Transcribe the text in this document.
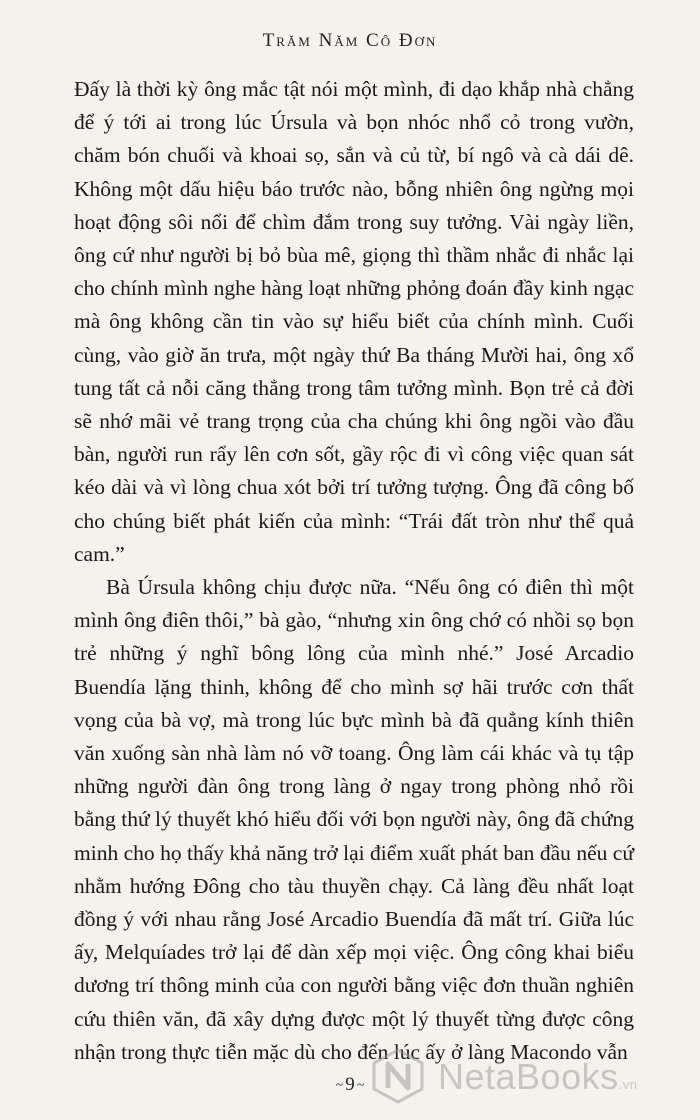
Trăm Năm Cô Đơn

Đấy là thời kỳ ông mắc tật nói một mình, đi dạo khắp nhà chẳng để ý tới ai trong lúc Úrsula và bọn nhóc nhổ cỏ trong vườn, chăm bón chuối và khoai sọ, sắn và củ từ, bí ngô và cà dái dê. Không một dấu hiệu báo trước nào, bỗng nhiên ông ngừng mọi hoạt động sôi nổi để chìm đắm trong suy tưởng. Vài ngày liền, ông cứ như người bị bỏ bùa mê, giọng thì thầm nhắc đi nhắc lại cho chính mình nghe hàng loạt những phỏng đoán đầy kinh ngạc mà ông không cần tin vào sự hiểu biết của chính mình. Cuối cùng, vào giờ ăn trưa, một ngày thứ Ba tháng Mười hai, ông xổ tung tất cả nỗi căng thẳng trong tâm tưởng mình. Bọn trẻ cả đời sẽ nhớ mãi vẻ trang trọng của cha chúng khi ông ngồi vào đầu bàn, người run rẩy lên cơn sốt, gầy rộc đi vì công việc quan sát kéo dài và vì lòng chua xót bởi trí tưởng tượng. Ông đã công bố cho chúng biết phát kiến của mình: “Trái đất tròn như thể quả cam.”

Bà Úrsula không chịu được nữa. “Nếu ông có điên thì một mình ông điên thôi,” bà gào, “nhưng xin ông chớ có nhồi sọ bọn trẻ những ý nghĩ bông lông của mình nhé.” José Arcadio Buendía lặng thinh, không để cho mình sợ hãi trước cơn thất vọng của bà vợ, mà trong lúc bực mình bà đã quẳng kính thiên văn xuống sàn nhà làm nó vỡ toang. Ông làm cái khác và tụ tập những người đàn ông trong làng ở ngay trong phòng nhỏ rồi bằng thứ lý thuyết khó hiểu đối với bọn người này, ông đã chứng minh cho họ thấy khả năng trở lại điểm xuất phát ban đầu nếu cứ nhằm hướng Đông cho tàu thuyền chạy. Cả làng đều nhất loạt đồng ý với nhau rằng José Arcadio Buendía đã mất trí. Giữa lúc ấy, Melquíades trở lại để dàn xếp mọi việc. Ông công khai biểu dương trí thông minh của con người bằng việc đơn thuần nghiên cứu thiên văn, đã xây dựng được một lý thuyết từng được công nhận trong thực tiễn mặc dù cho đến lúc ấy ở làng Macondo vẫn

~ 9 ~	NetaBooks.vn
